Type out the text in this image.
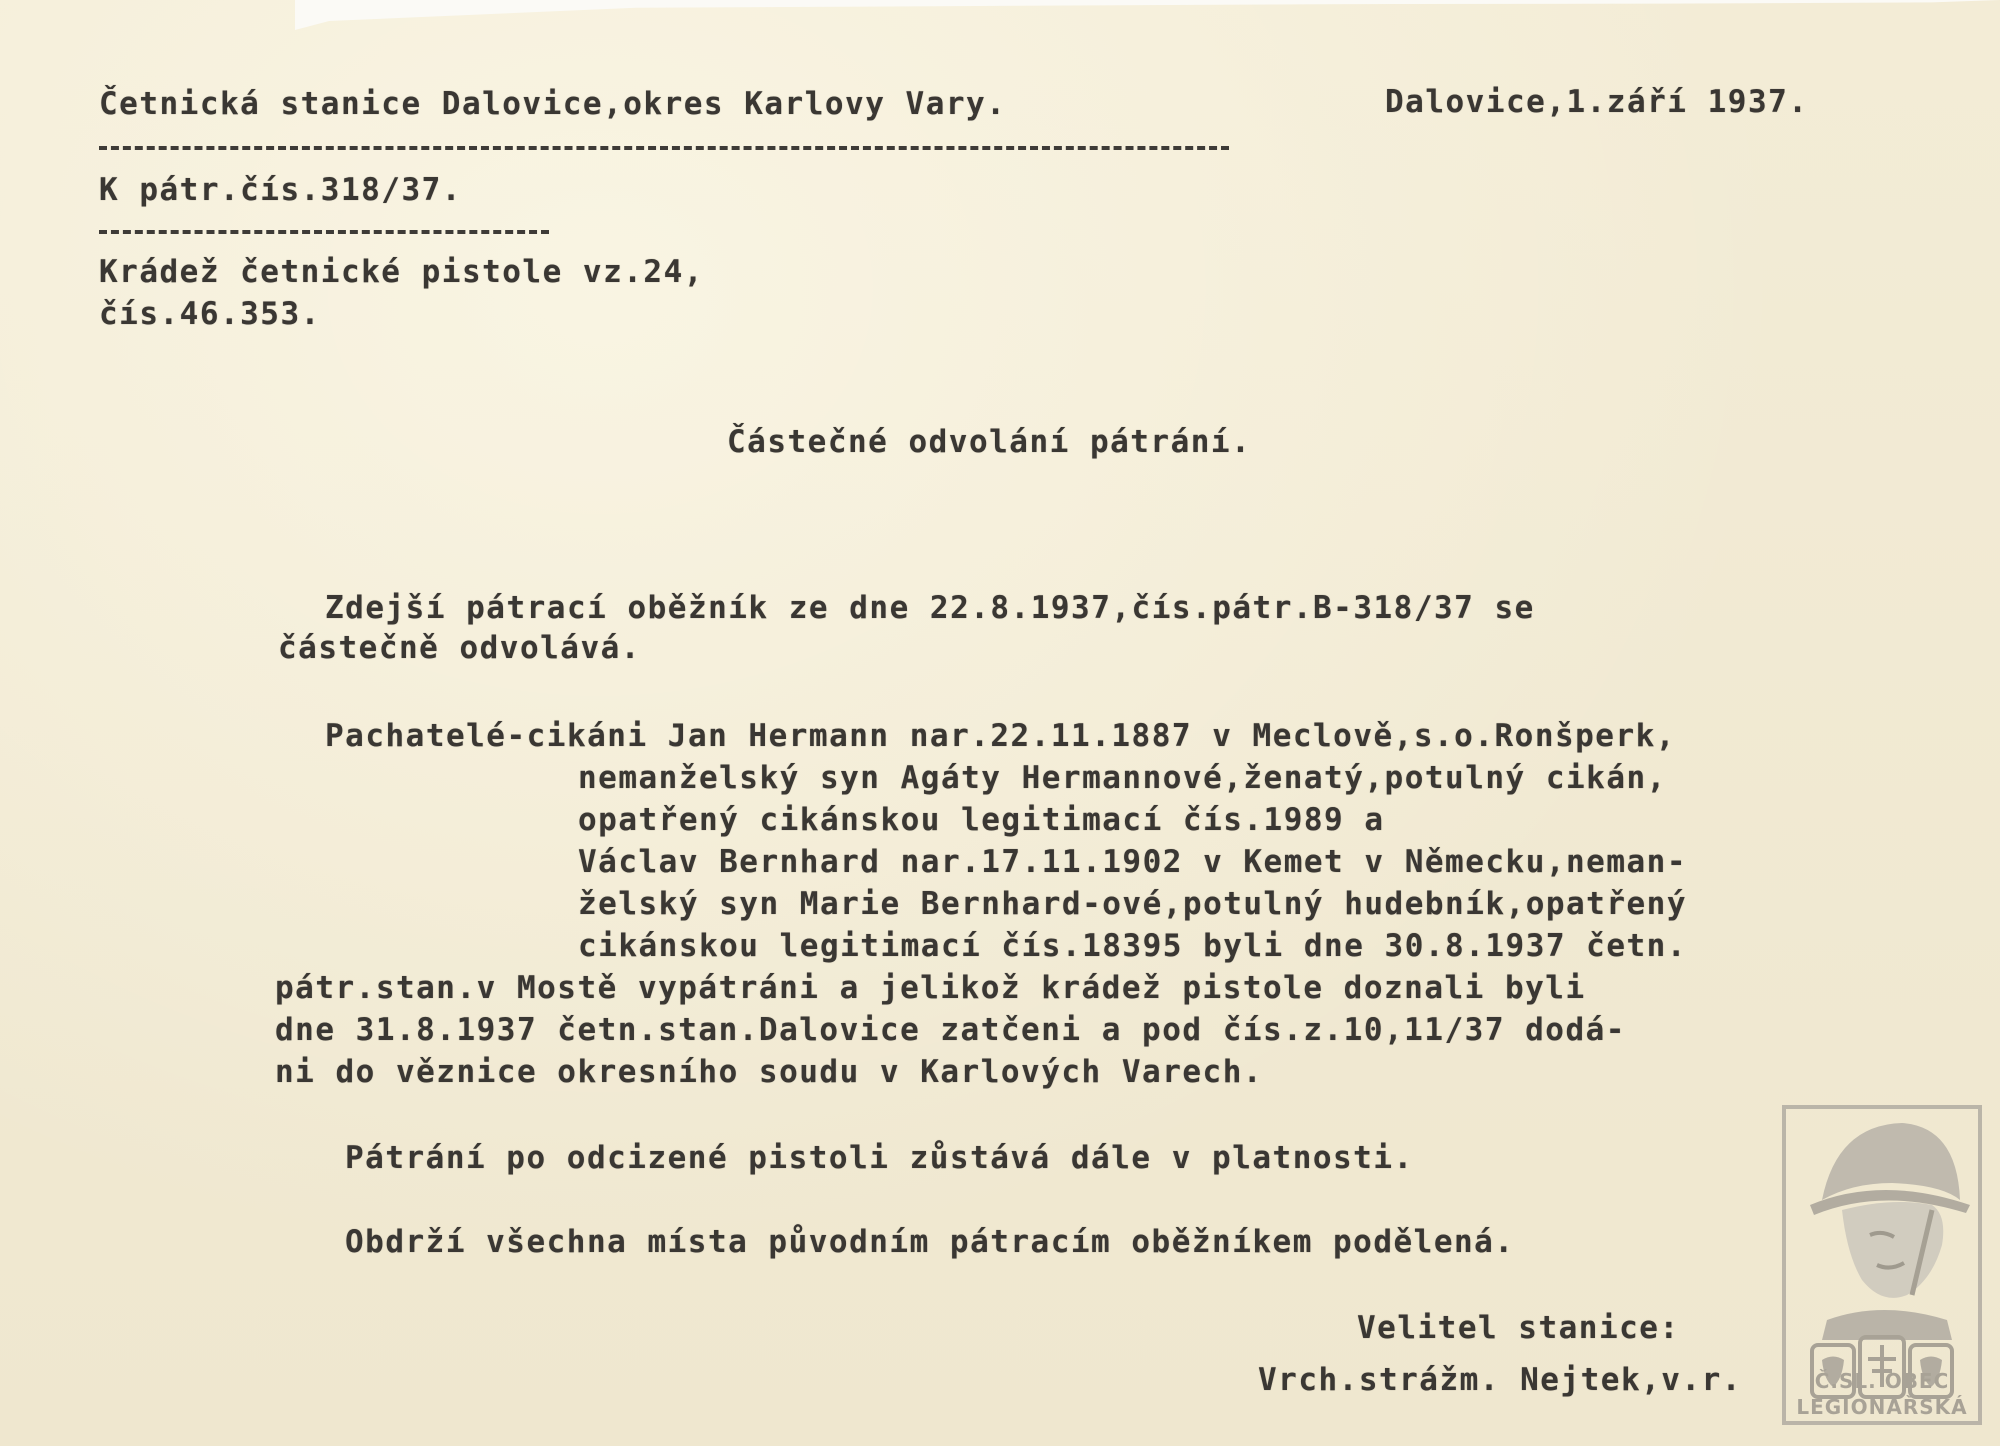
Četnická stanice Dalovice,okres Karlovy Vary.	Dalovice,1.září 1937.
K pátr.čís.318/37.
Krádež četnické pistole vz.24,
čís.46.353.
Částečné odvolání pátrání.
Zdejší pátrací oběžník ze dne 22.8.1937,čís.pátr.B-318/37 se
částečně odvolává.
Pachatelé-cikáni Jan Hermann nar.22.11.1887 v Meclově,s.o.Ronšperk,
nemanželský syn Agáty Hermannové,ženatý,potulný cikán,
opatřený cikánskou legitimací čís.1989 a
Václav Bernhard nar.17.11.1902 v Kemet v Německu,neman-
želský syn Marie Bernhard-ové,potulný hudebník,opatřený
cikánskou legitimací čís.18395 byli dne 30.8.1937 četn.
pátr.stan.v Mostě vypátráni a jelikož krádež pistole doznali byli
dne 31.8.1937 četn.stan.Dalovice zatčeni a pod čís.z.10,11/37 dodá-
ni do věznice okresního soudu v Karlových Varech.
Pátrání po odcizené pistoli zůstává dále v platnosti.
Obdrží všechna místa původním pátracím oběžníkem podělená.
Velitel stanice:
Vrch.strážm. Nejtek,v.r.	Č.SL. OBEC
LEGIONÁŘSKÁ
